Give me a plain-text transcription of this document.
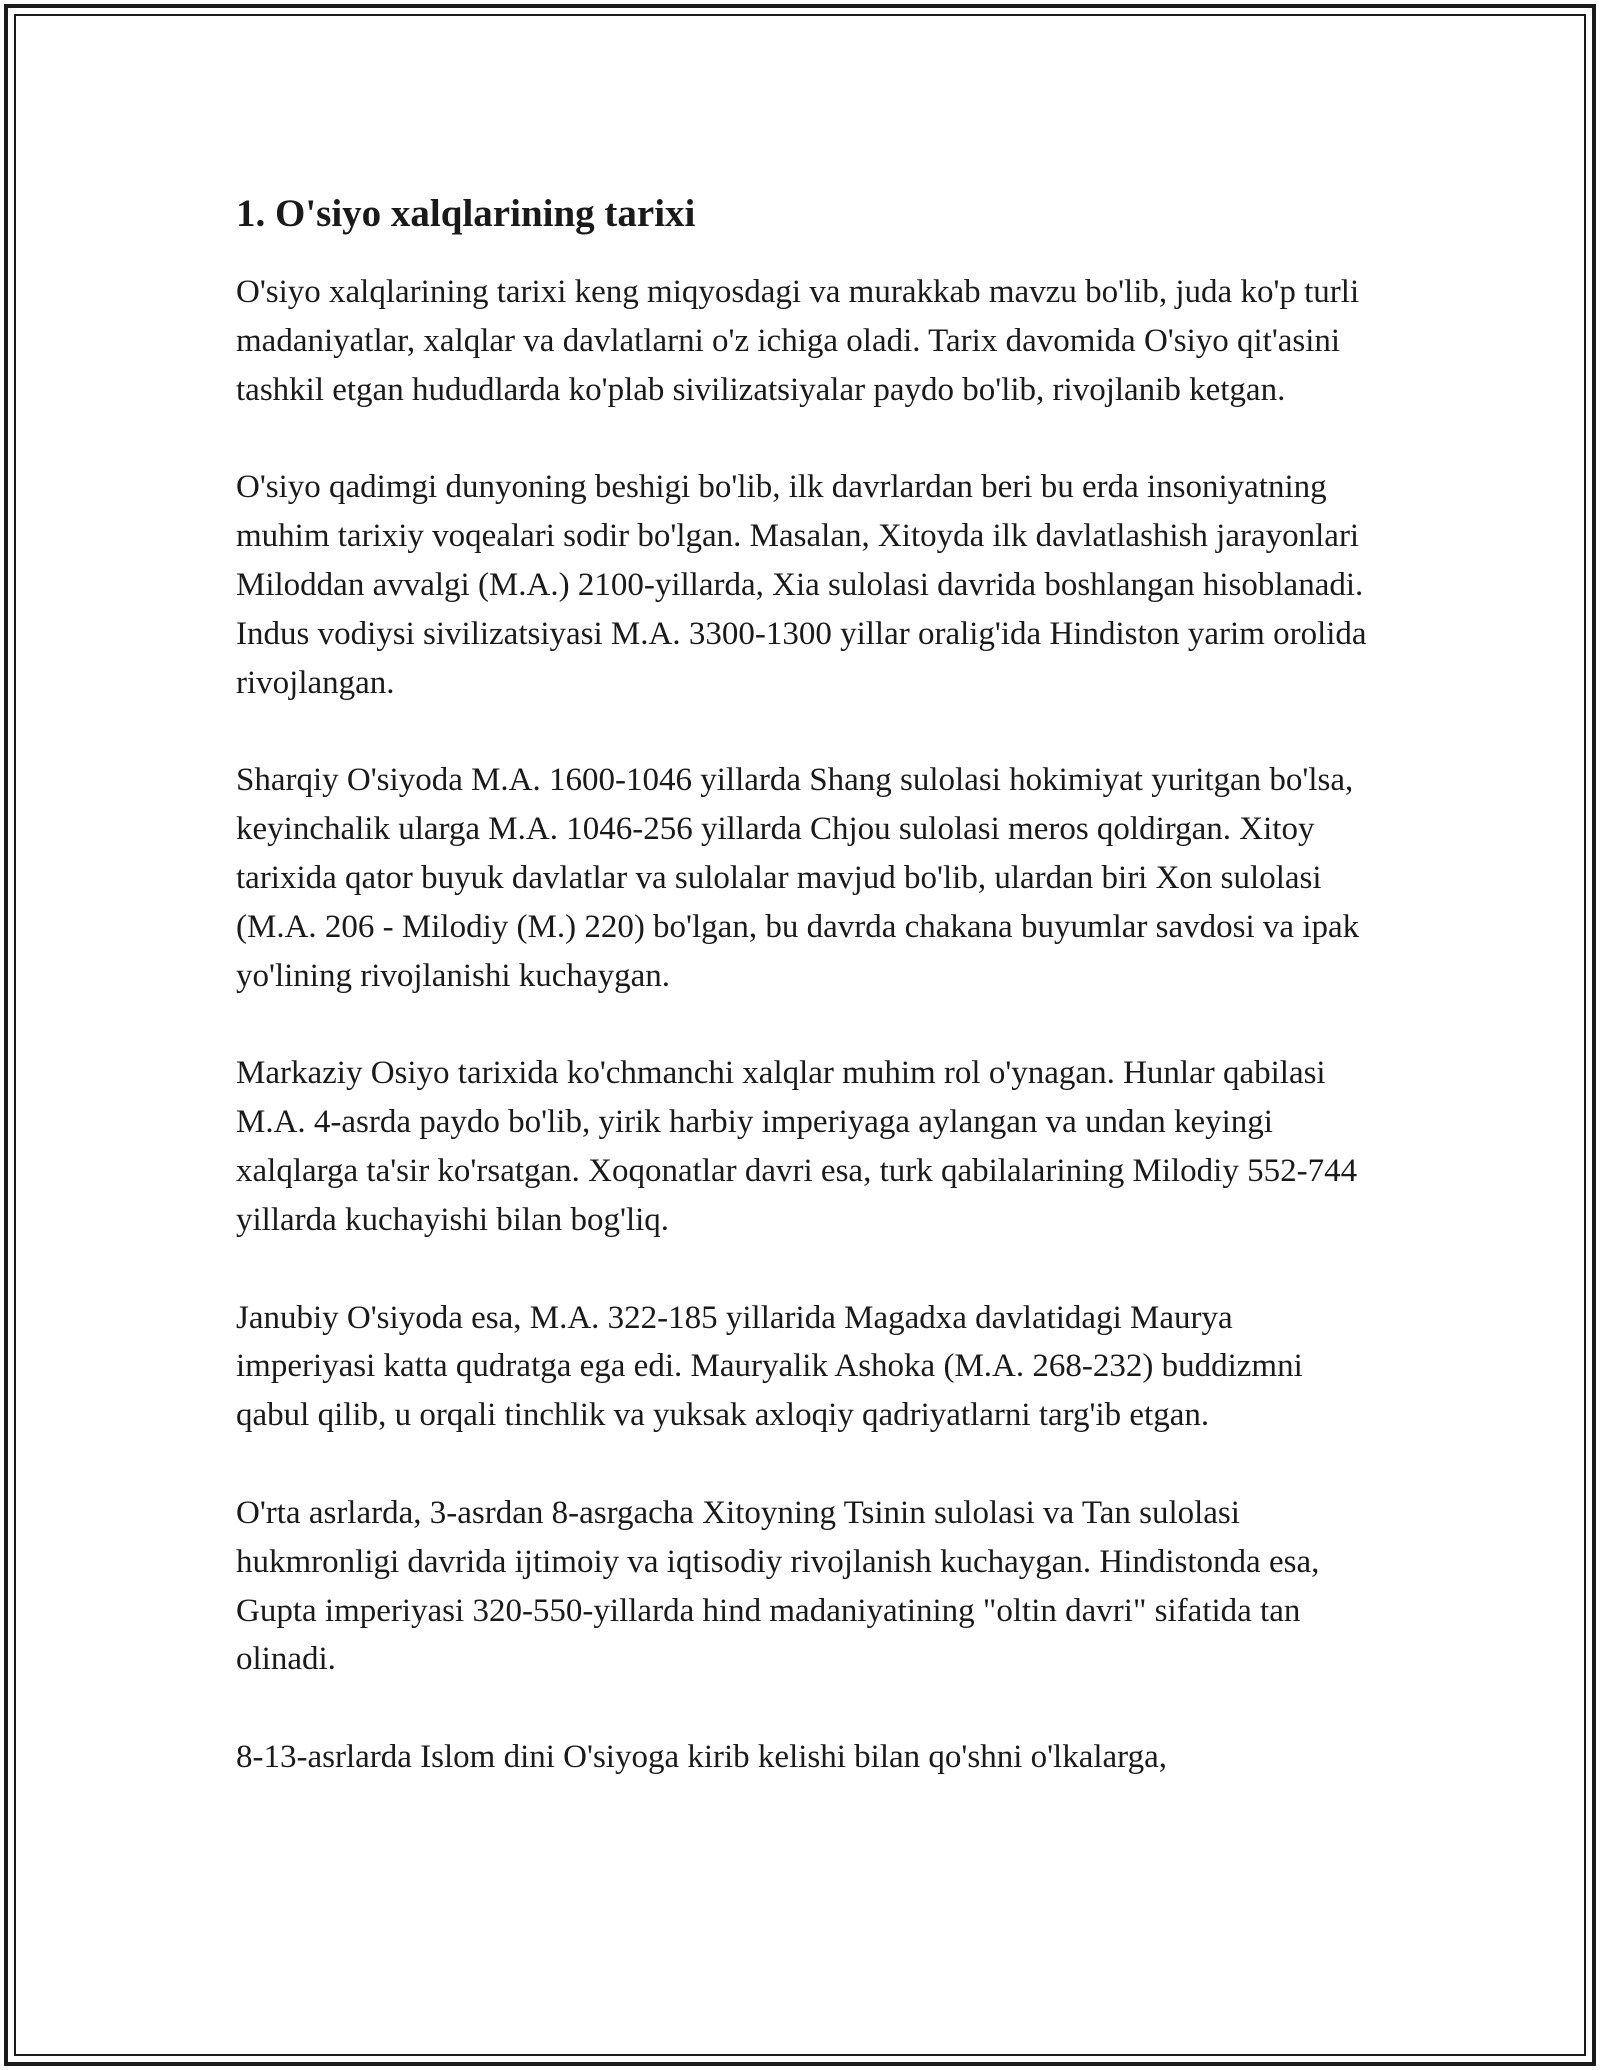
1. O'siyo xalqlarining tarixi

O'siyo xalqlarining tarixi keng miqyosdagi va murakkab mavzu bo'lib, juda ko'p turli madaniyatlar, xalqlar va davlatlarni o'z ichiga oladi. Tarix davomida O'siyo qit'asini tashkil etgan hududlarda ko'plab sivilizatsiyalar paydo bo'lib, rivojlanib ketgan.

O'siyo qadimgi dunyoning beshigi bo'lib, ilk davrlardan beri bu erda insoniyatning muhim tarixiy voqealari sodir bo'lgan. Masalan, Xitoyda ilk davlatlashish jarayonlari Miloddan avvalgi (M.A.) 2100-yillarda, Xia sulolasi davrida boshlangan hisoblanadi. Indus vodiysi sivilizatsiyasi M.A. 3300-1300 yillar oralig'ida Hindiston yarim orolida rivojlangan.

Sharqiy O'siyoda M.A. 1600-1046 yillarda Shang sulolasi hokimiyat yuritgan bo'lsa, keyinchalik ularga M.A. 1046-256 yillarda Chjou sulolasi meros qoldirgan. Xitoy tarixida qator buyuk davlatlar va sulolalar mavjud bo'lib, ulardan biri Xon sulolasi (M.A. 206 - Milodiy (M.) 220) bo'lgan, bu davrda chakana buyumlar savdosi va ipak yo'lining rivojlanishi kuchaygan.

Markaziy Osiyo tarixida ko'chmanchi xalqlar muhim rol o'ynagan. Hunlar qabilasi M.A. 4-asrda paydo bo'lib, yirik harbiy imperiyaga aylangan va undan keyingi xalqlarga ta'sir ko'rsatgan. Xoqonatlar davri esa, turk qabilalarining Milodiy 552-744 yillarda kuchayishi bilan bog'liq.

Janubiy O'siyoda esa, M.A. 322-185 yillarida Magadxa davlatidagi Maurya imperiyasi katta qudratga ega edi. Mauryalik Ashoka (M.A. 268-232) buddizmni qabul qilib, u orqali tinchlik va yuksak axloqiy qadriyatlarni targ'ib etgan.

O'rta asrlarda, 3-asrdan 8-asrgacha Xitoyning Tsinin sulolasi va Tan sulolasi hukmronligi davrida ijtimoiy va iqtisodiy rivojlanish kuchaygan. Hindistonda esa, Gupta imperiyasi 320-550-yillarda hind madaniyatining "oltin davri" sifatida tan olinadi.

8-13-asrlarda Islom dini O'siyoga kirib kelishi bilan qo'shni o'lkalarga,
